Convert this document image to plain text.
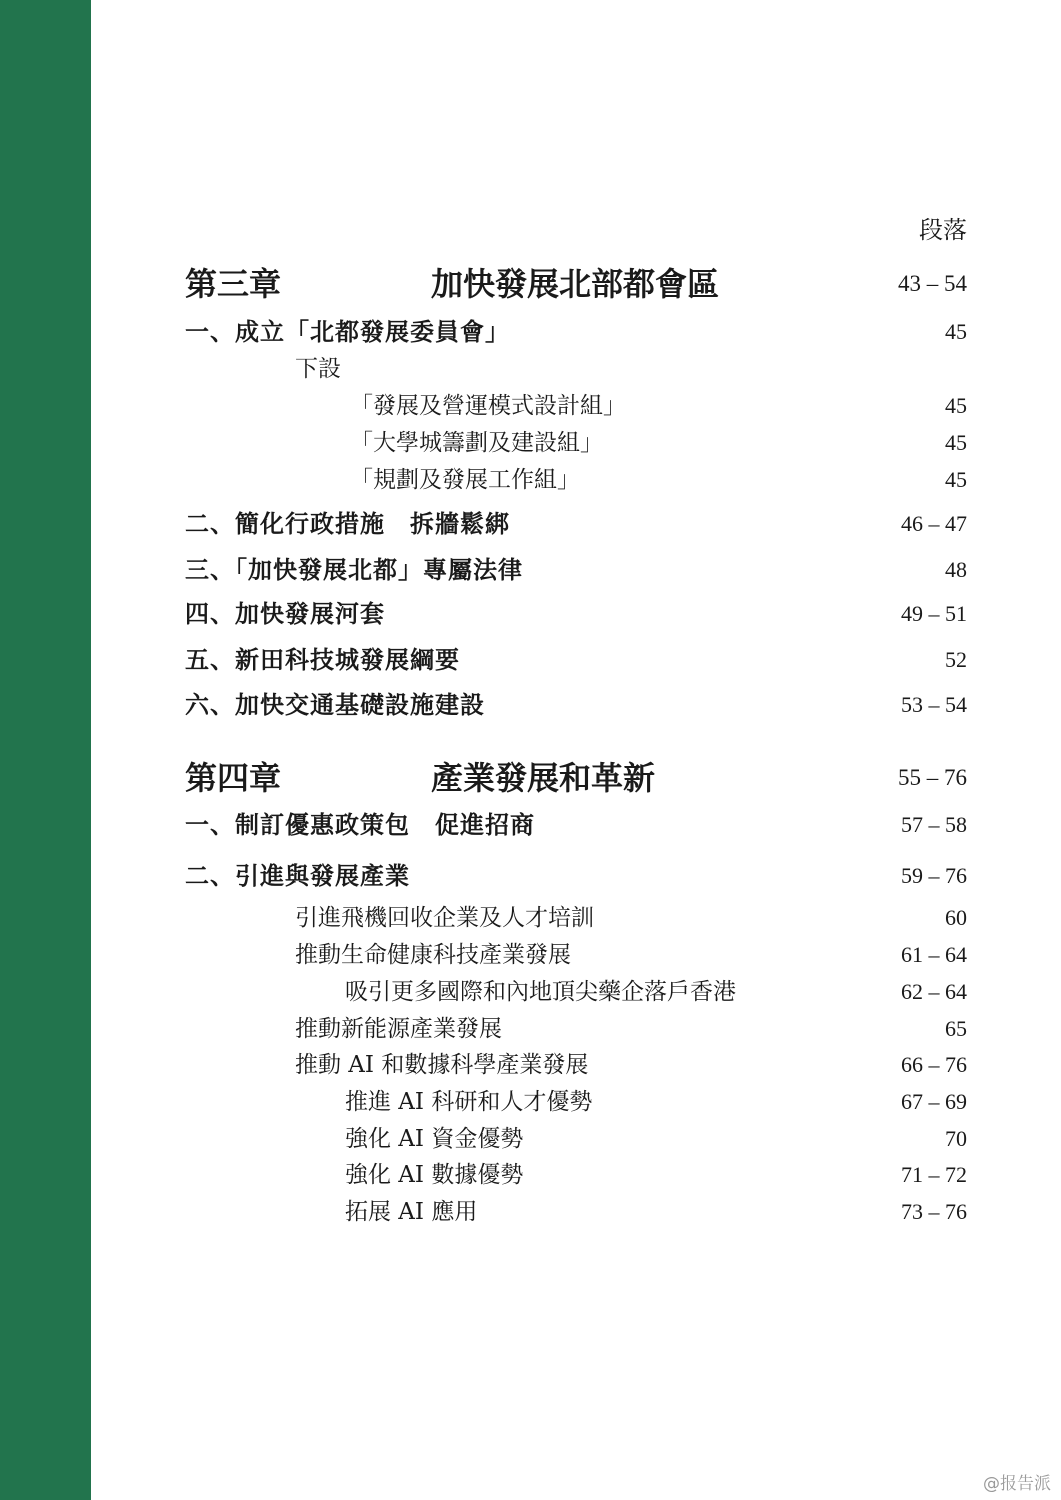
段落
第三章	加快發展北部都會區	43 – 54
一、成立「北都發展委員會」	45
下設
「發展及營運模式設計組」	45
「大學城籌劃及建設組」	45
「規劃及發展工作組」	45
二、簡化行政措施　拆牆鬆綁	46 – 47
三、「加快發展北都」專屬法律	48
四、加快發展河套	49 – 51
五、新田科技城發展綱要	52
六、加快交通基礎設施建設	53 – 54
第四章	產業發展和革新	55 – 76
一、制訂優惠政策包　促進招商	57 – 58
二、引進與發展產業	59 – 76
引進飛機回收企業及人才培訓	60
推動生命健康科技產業發展	61 – 64
吸引更多國際和內地頂尖藥企落戶香港	62 – 64
推動新能源產業發展	65
推動 AI 和數據科學產業發展	66 – 76
推進 AI 科研和人才優勢	67 – 69
強化 AI 資金優勢	70
強化 AI 數據優勢	71 – 72
拓展 AI 應用	73 – 76
@报告派
